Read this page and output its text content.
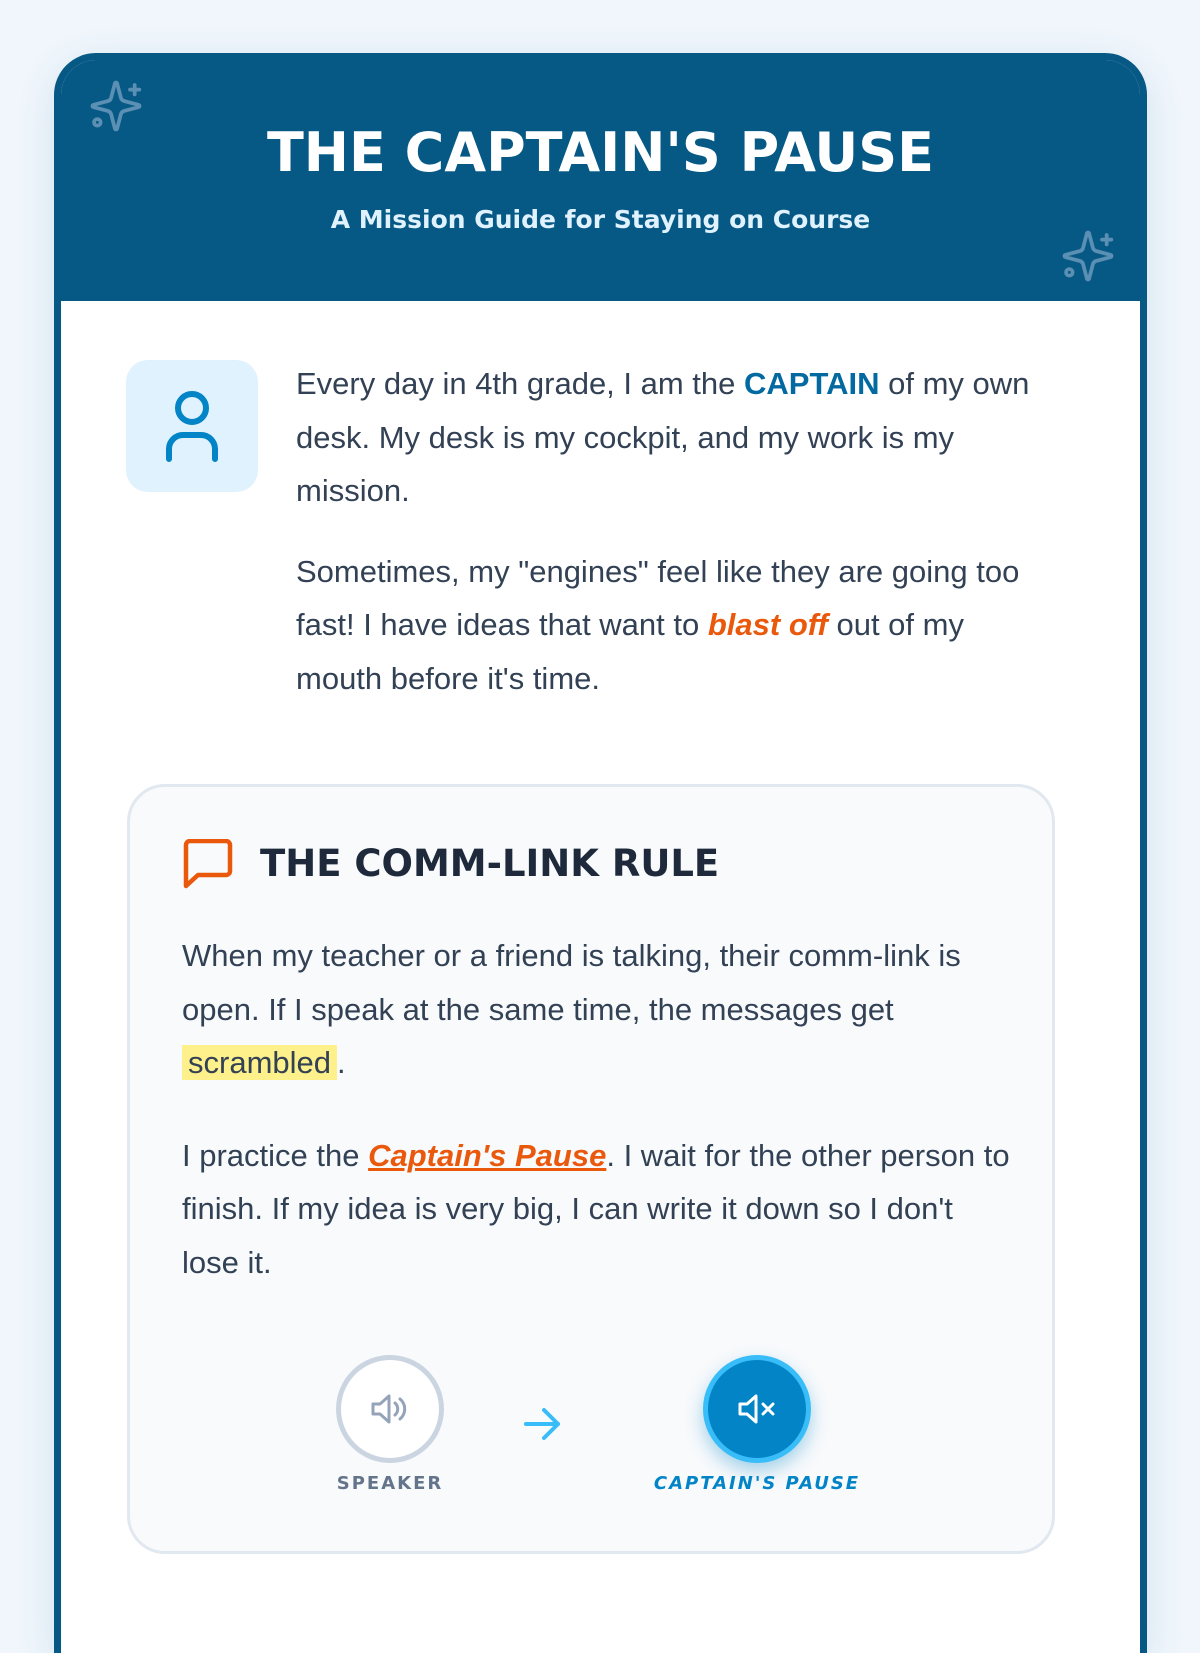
THE CAPTAIN'S PAUSE

A Mission Guide for Staying on Course

Every day in 4th grade, I am the CAPTAIN of my own desk. My desk is my cockpit, and my work is my mission.

Sometimes, my "engines" feel like they are going too fast! I have ideas that want to blast off out of my mouth before it's time.

THE COMM-LINK RULE

When my teacher or a friend is talking, their comm-link is open. If I speak at the same time, the messages get scrambled .

I practice the Captain's Pause. I wait for the other person to finish. If my idea is very big, I can write it down so I don't lose it.

SPEAKER	CAPTAIN'S PAUSE
